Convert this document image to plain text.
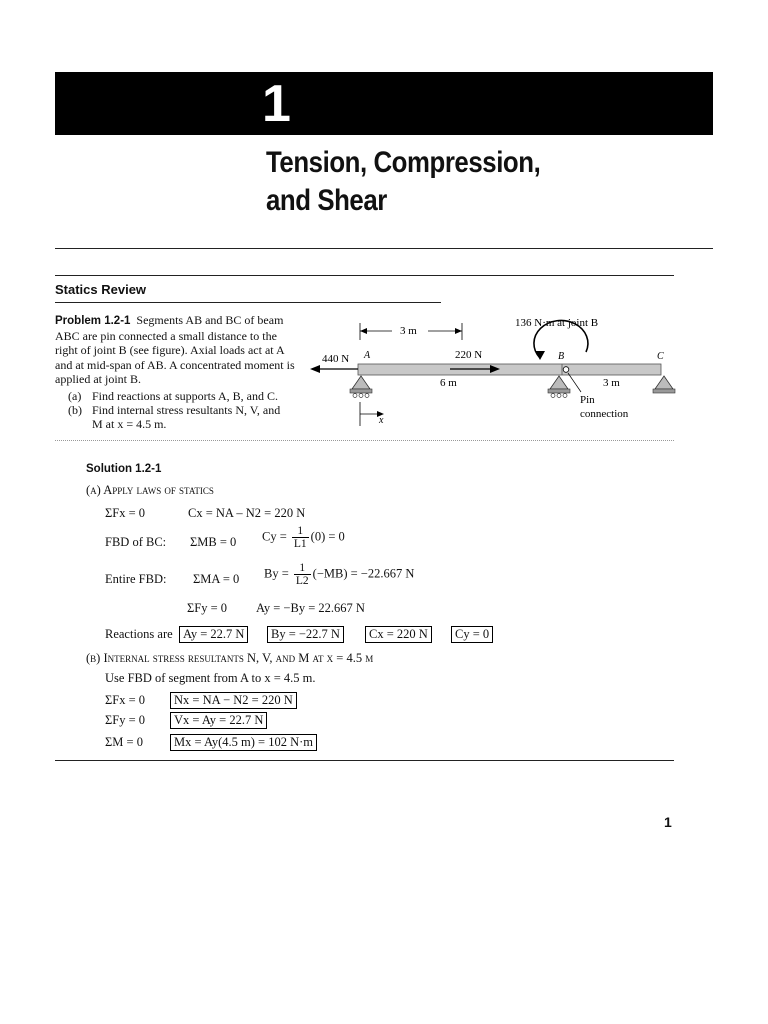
1
Tension, Compression,
and Shear
Statics Review
Problem 1.2-1 Segments AB and BC of beam ABC are pin connected a small distance to the right of joint B (see figure). Axial loads act at A and at mid-span of AB. A concentrated moment is applied at joint B.
(a) Find reactions at supports A, B, and C.
(b) Find internal stress resultants N, V, and M at x = 4.5 m.
136 N·m at joint B
3 m
440 N A	220 N	B	C
6 m	3 m
Pin
connection
x
Solution 1.2-1
(a) Apply laws of statics
ΣFx = 0	Cx = NA – N2 = 220 N
FBD of BC: ΣMB = 0 $Cy = \frac{1}{L1} (0) = 0$
Entire FBD: ΣMA = 0 $By = \frac{1}{L2} (-MB) = -22.667$ N
ΣFy = 0 Ay = −By = 22.667 N
Reactions are Ay = 22.7 N	By = −22.7 N	Cx = 220 N	Cy = 0
(b) Internal stress resultants N, V, and M at x = 4.5 m
Use FBD of segment from A to x = 4.5 m.
ΣFx = 0	Nx = NA − N2 = 220 N
ΣFy = 0	Vx = Ay = 22.7 N
ΣM = 0	Mx = Ay(4.5 m) = 102 N·m
1
